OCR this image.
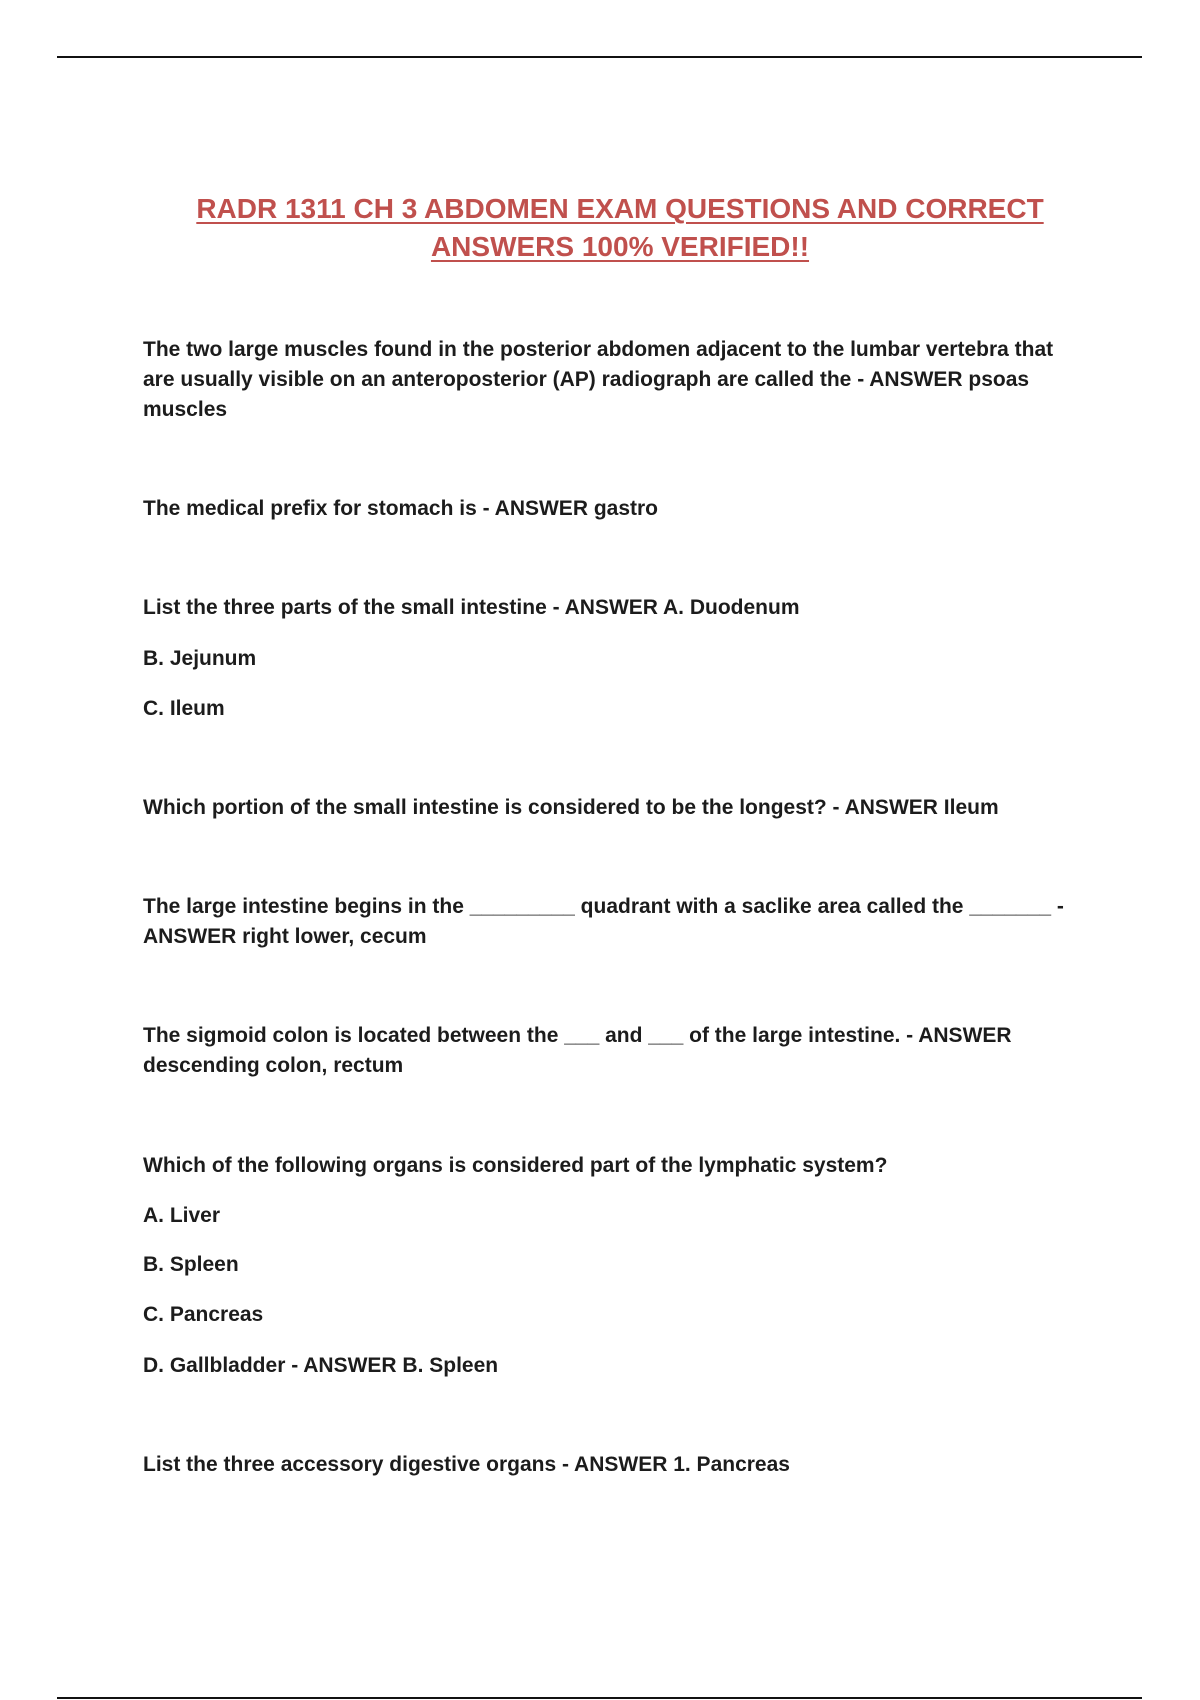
RADR 1311 CH 3 ABDOMEN EXAM QUESTIONS AND CORRECT
ANSWERS 100% VERIFIED!!
The two large muscles found in the posterior abdomen adjacent to the lumbar vertebra that are usually visible on an anteroposterior (AP) radiograph are called the - ANSWER psoas muscles
The medical prefix for stomach is - ANSWER gastro
List the three parts of the small intestine - ANSWER A. Duodenum
B. Jejunum
C. Ileum
Which portion of the small intestine is considered to be the longest? - ANSWER Ileum
The large intestine begins in the _________ quadrant with a saclike area called the _______ - ANSWER right lower, cecum
The sigmoid colon is located between the ___ and ___ of the large intestine. - ANSWER descending colon, rectum
Which of the following organs is considered part of the lymphatic system?
A. Liver
B. Spleen
C. Pancreas
D. Gallbladder - ANSWER B. Spleen
List the three accessory digestive organs - ANSWER 1. Pancreas
